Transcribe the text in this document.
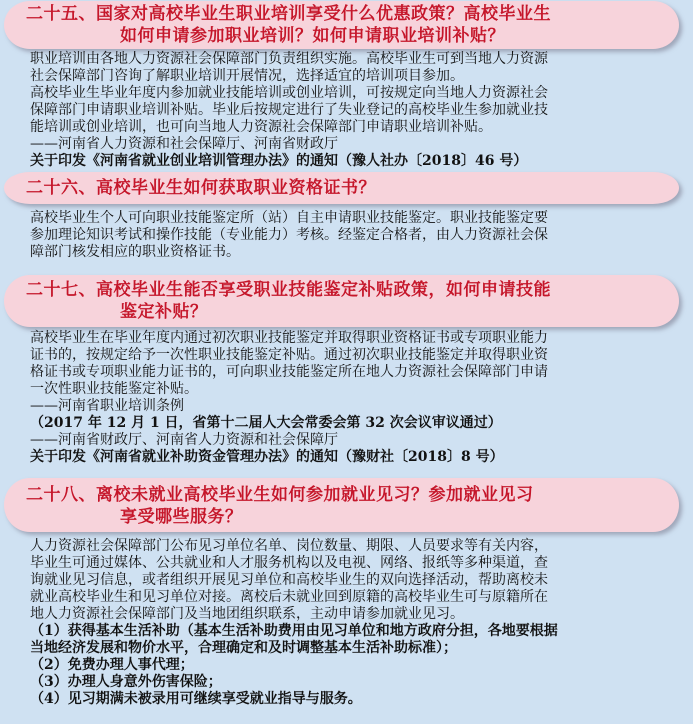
二十五、国家对高校毕业生职业培训享受什么优惠政策？高校毕业生
如何申请参加职业培训？如何申请职业培训补贴？

职业培训由各地人力资源社会保障部门负责组织实施。高校毕业生可到当地人力资源

社会保障部门咨询了解职业培训开展情况，选择适宜的培训项目参加。

高校毕业生毕业年度内参加就业技能培训或创业培训，可按规定向当地人力资源社会

保障部门申请职业培训补贴。毕业后按规定进行了失业登记的高校毕业生参加就业技

能培训或创业培训，也可向当地人力资源社会保障部门申请职业培训补贴。

——河南省人力资源和社会保障厅、河南省财政厅

关于印发《河南省就业创业培训管理办法》的通知（豫人社办〔2018〕46 号）

二十六、高校毕业生如何获取职业资格证书？

高校毕业生个人可向职业技能鉴定所（站）自主申请职业技能鉴定。职业技能鉴定要

参加理论知识考试和操作技能（专业能力）考核。经鉴定合格者，由人力资源社会保

障部门核发相应的职业资格证书。

二十七、高校毕业生能否享受职业技能鉴定补贴政策，如何申请技能
鉴定补贴？

高校毕业生在毕业年度内通过初次职业技能鉴定并取得职业资格证书或专项职业能力

证书的，按规定给予一次性职业技能鉴定补贴。通过初次职业技能鉴定并取得职业资

格证书或专项职业能力证书的，可向职业技能鉴定所在地人力资源社会保障部门申请

一次性职业技能鉴定补贴。

——河南省职业培训条例

（2017 年 12 月 1 日，省第十二届人大会常委会第 32 次会议审议通过）

——河南省财政厅、河南省人力资源和社会保障厅

关于印发《河南省就业补助资金管理办法》的通知（豫财社〔2018〕8 号）

二十八、离校未就业高校毕业生如何参加就业见习？参加就业见习
享受哪些服务？

人力资源社会保障部门公布见习单位名单、岗位数量、期限、人员要求等有关内容，

毕业生可通过媒体、公共就业和人才服务机构以及电视、网络、报纸等多种渠道，查

询就业见习信息，或者组织开展见习单位和高校毕业生的双向选择活动，帮助离校未

就业高校毕业生和见习单位对接。离校后未就业回到原籍的高校毕业生可与原籍所在

地人力资源社会保障部门及当地团组织联系，主动申请参加就业见习。

（1）获得基本生活补助（基本生活补助费用由见习单位和地方政府分担，各地要根据

当地经济发展和物价水平，合理确定和及时调整基本生活补助标准）；

（2）免费办理人事代理；

（3）办理人身意外伤害保险；

（4）见习期满未被录用可继续享受就业指导与服务。
